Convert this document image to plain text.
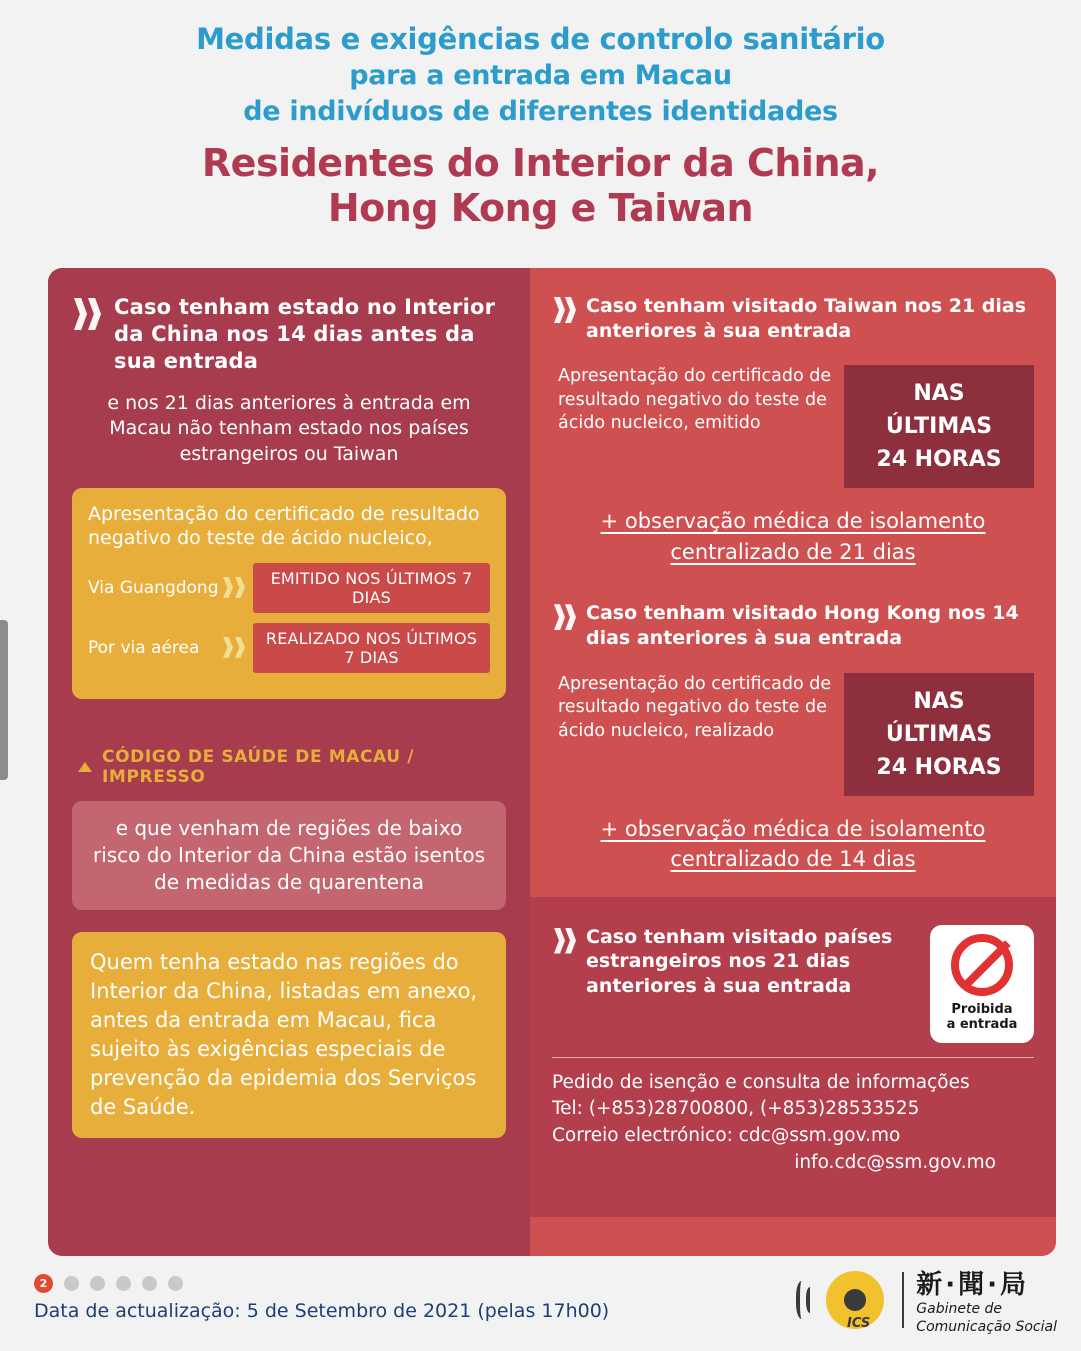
Medidas e exigências de controlo sanitário
para a entrada em Macau
de indivíduos de diferentes identidades
Residentes do Interior da China,
Hong Kong e Taiwan
Caso tenham estado no Interior da China nos 14 dias antes da sua entrada
e nos 21 dias anteriores à entrada em Macau não tenham estado nos países estrangeiros ou Taiwan
Apresentação do certificado de resultado negativo do teste de ácido nucleico,
Via Guangdong	EMITIDO NOS ÚLTIMOS 7 DIAS
Por via aérea	REALIZADO NOS ÚLTIMOS 7 DIAS
CÓDIGO DE SAÚDE DE MACAU / IMPRESSO
e que venham de regiões de baixo risco do Interior da China estão isentos de medidas de quarentena
Quem tenha estado nas regiões do Interior da China, listadas em anexo, antes da entrada em Macau, fica sujeito às exigências especiais de prevenção da epidemia dos Serviços de Saúde.
Caso tenham visitado Taiwan nos 21 dias anteriores à sua entrada

Apresentação do certificado de resultado negativo do teste de ácido nucleico, emitido

NAS ÚLTIMAS
24 HORAS
+ observação médica de isolamento centralizado de 21 dias
Caso tenham visitado Hong Kong nos 14 dias anteriores à sua entrada

Apresentação do certificado de resultado negativo do teste de ácido nucleico, realizado

NAS ÚLTIMAS
24 HORAS
+ observação médica de isolamento centralizado de 14 dias
Caso tenham visitado países estrangeiros nos 21 dias anteriores à sua entrada
Proibida
a entrada
Pedido de isenção e consulta de informações
Tel: (+853)28700800, (+853)28533525
Correio electrónico: cdc@ssm.gov.mo
info.cdc@ssm.gov.mo
2
Data de actualização: 5 de Setembro de 2021 (pelas 17h00)
ICS
新·聞·局
Gabinete de
Comunicação Social
